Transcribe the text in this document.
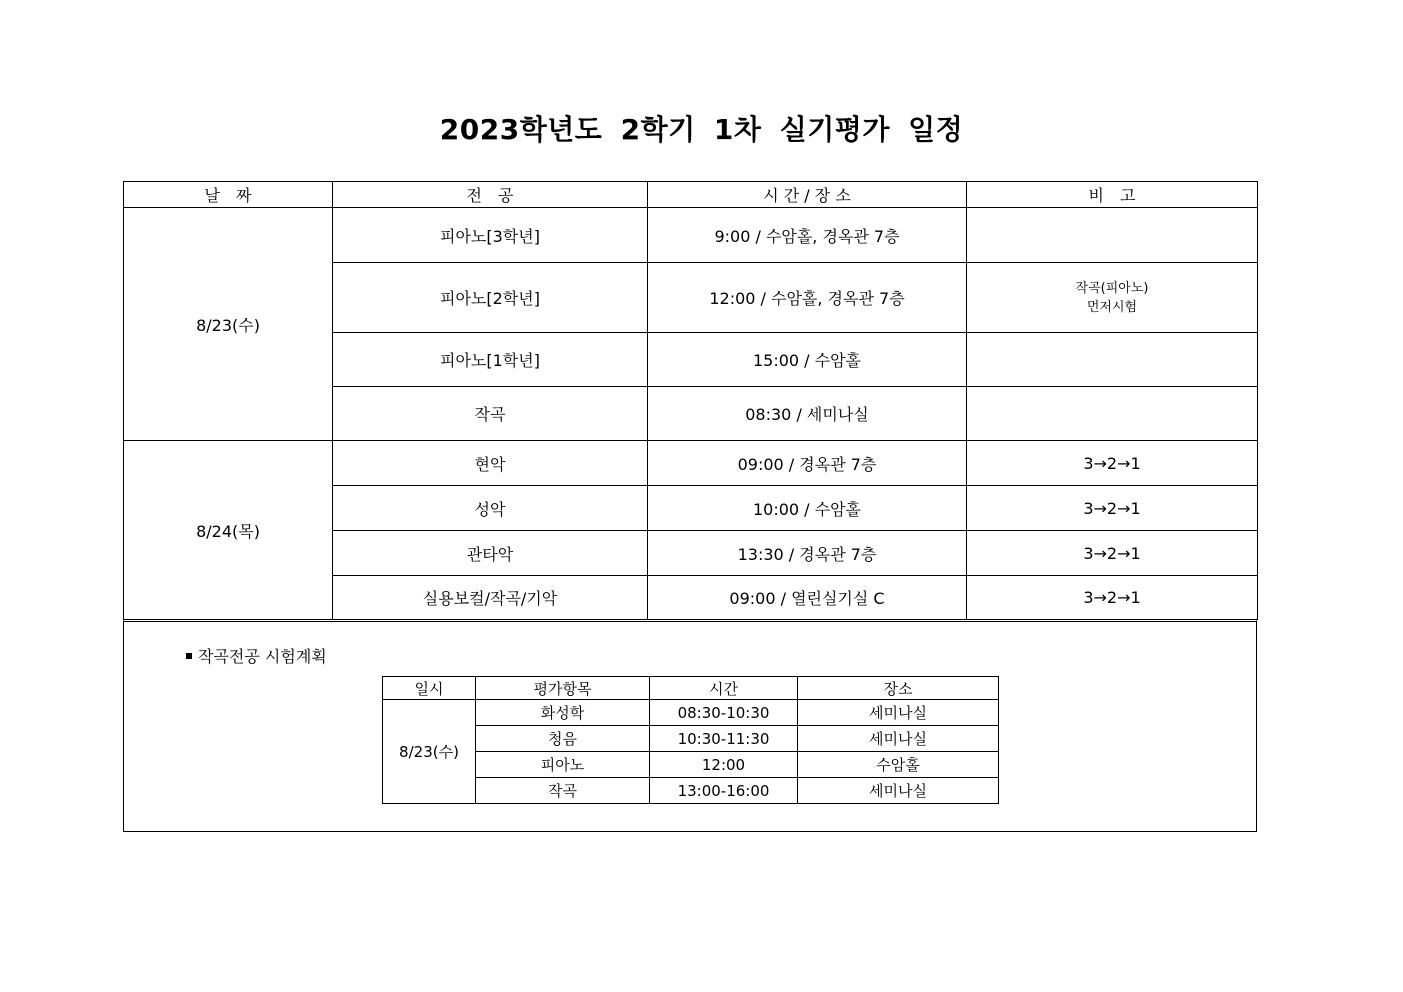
2023학년도 2학기 1차 실기평가 일정
날　짜	전　공	시 간 / 장 소	비　고
8/23(수)	피아노[3학년]	9:00 / 수암홀, 경옥관 7층	
	피아노[2학년]	12:00 / 수암홀, 경옥관 7층	작곡(피아노)
먼저시험

	피아노[1학년]	15:00 / 수암홀	
	작곡	08:30 / 세미나실	
8/24(목)	현악	09:00 / 경옥관 7층	3→2→1
	성악	10:00 / 수암홀	3→2→1
	관타악	13:30 / 경옥관 7층	3→2→1
	실용보컬/작곡/기악	09:00 / 열린실기실 C	3→2→1
작곡전공 시험계획
일시	평가항목	시간	장소
8/23(수)	화성학	08:30-10:30	세미나실
	청음	10:30-11:30	세미나실
	피아노	12:00	수암홀
	작곡	13:00-16:00	세미나실
